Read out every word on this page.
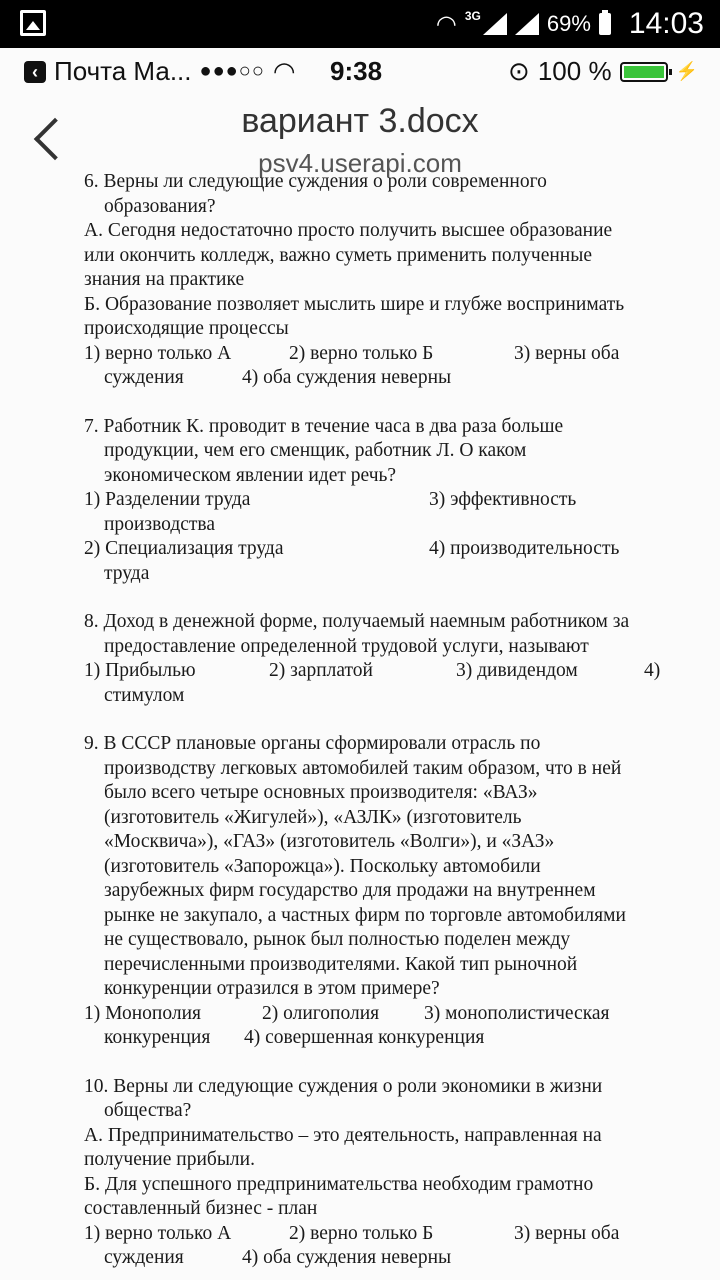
◠ 3G	69% 14:03
‹ Почта Ма... ●●●○○ ◠ 9:38	⊙ 100 %	⚡
вариант 3.docx
psv4.userapi.com

6. Верны ли следующие суждения о роли современного

образования?

А. Сегодня недостаточно просто получить высшее образование

или окончить колледж, важно суметь применить полученные

знания на практике

Б. Образование позволяет мыслить шире и глубже воспринимать

происходящие процессы

1) верно только А	2) верно только Б	3) верны оба
суждения	4) оба суждения неверны

7. Работник К. проводит в течение часа в два раза больше

продукции, чем его сменщик, работник Л. О каком

экономическом явлении идет речь?

1) Разделении труда	3) эффективность
производства
2) Специализация труда	4) производительность
труда

8. Доход в денежной форме, получаемый наемным работником за

предоставление определенной трудовой услуги, называют

1) Прибылью	2) зарплатой	3) дивидендом	4)
стимулом

9. В СССР плановые органы сформировали отрасль по

производству легковых автомобилей таким образом, что в ней

было всего четыре основных производителя: «ВАЗ»

(изготовитель «Жигулей»), «АЗЛК» (изготовитель

«Москвича»), «ГАЗ» (изготовитель «Волги»), и «ЗАЗ»

(изготовитель «Запорожца»). Поскольку автомобили

зарубежных фирм государство для продажи на внутреннем

рынке не закупало, а частных фирм по торговле автомобилями

не существовало, рынок был полностью поделен между

перечисленными производителями. Какой тип рыночной

конкуренции отразился в этом примере?

1) Монополия	2) олигополия 3) монополистическая
конкуренция 4) совершенная конкуренция

10. Верны ли следующие суждения о роли экономики в жизни

общества?

А. Предпринимательство – это деятельность, направленная на

получение прибыли.

Б. Для успешного предпринимательства необходим грамотно

составленный бизнес - план

1) верно только А	2) верно только Б	3) верны оба
суждения	4) оба суждения неверны
